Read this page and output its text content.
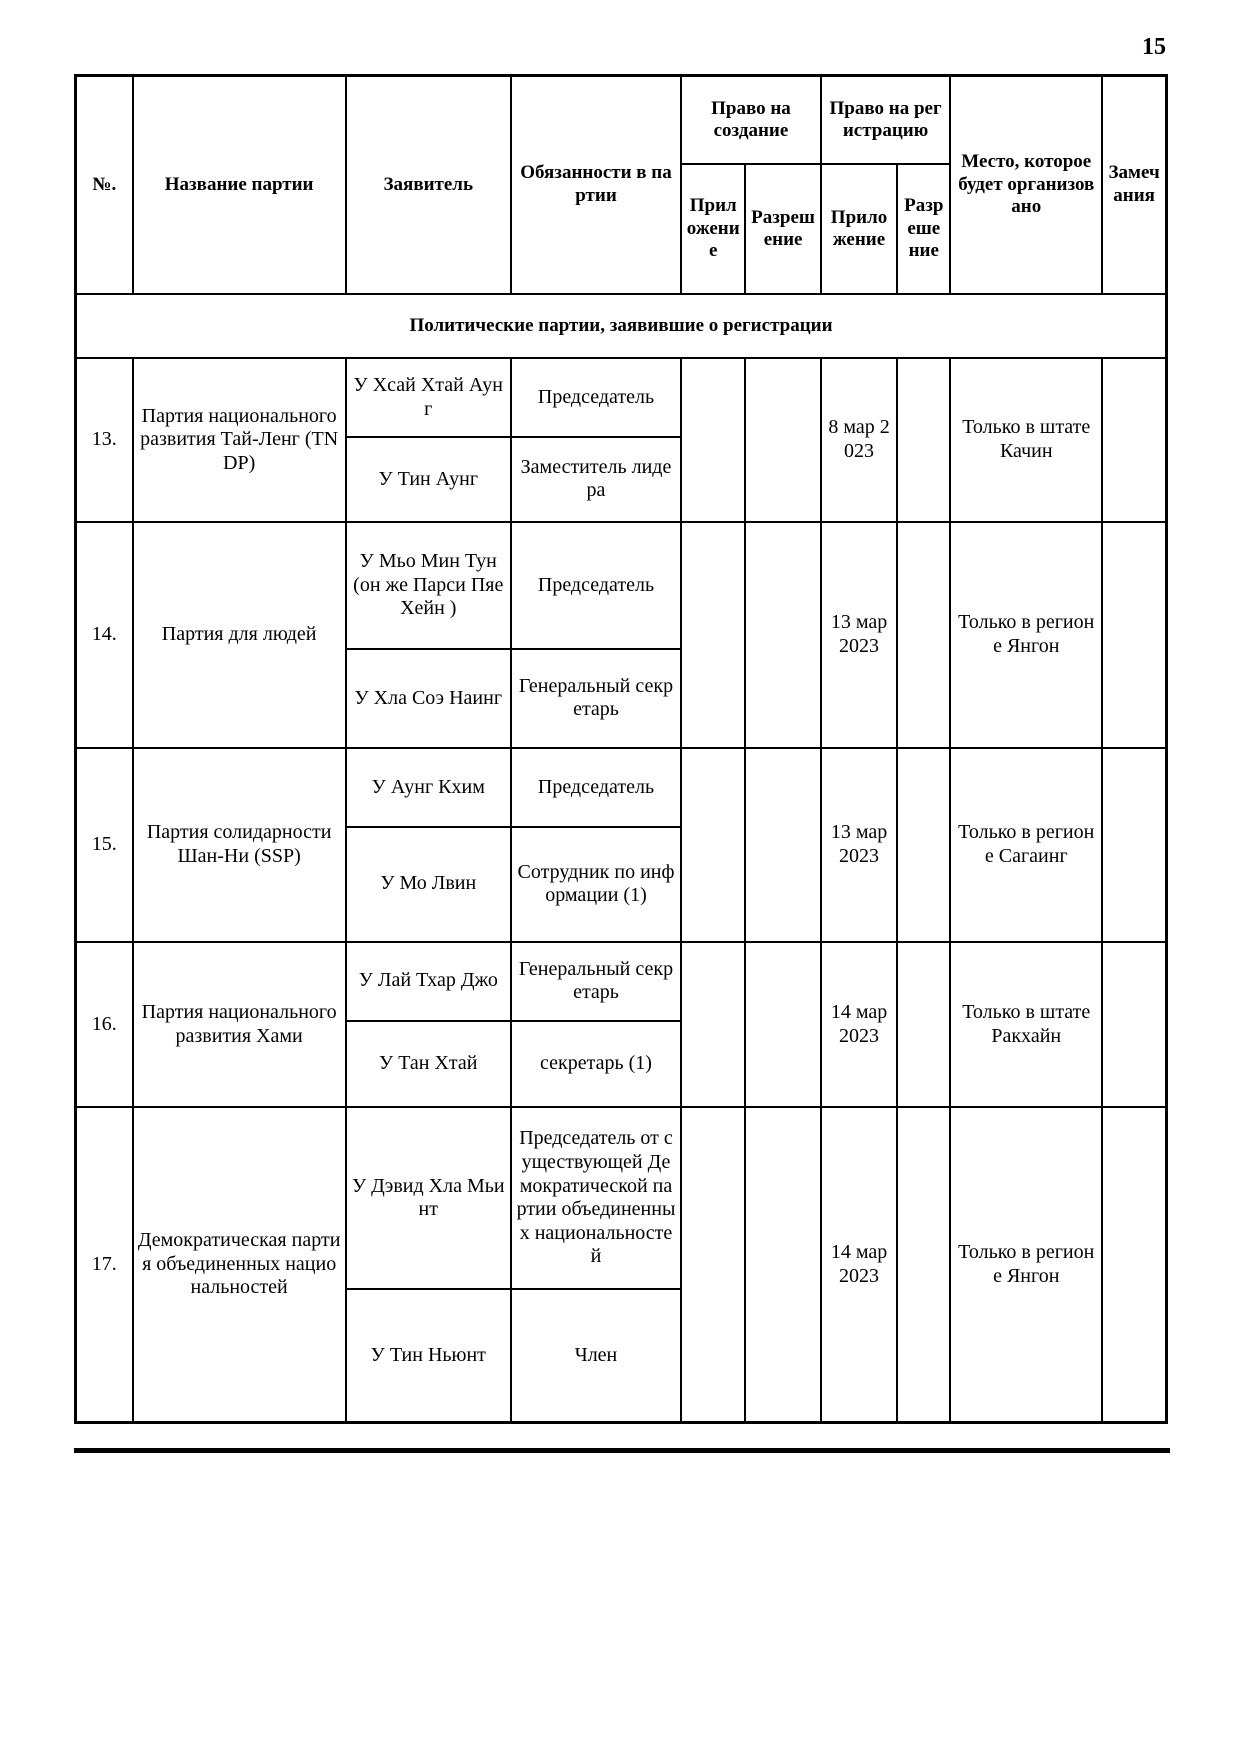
15
№.	Название партии	Заявитель	Обязанности в партии	Право на создание		Право на регистрацию		Место, которое будет организовано	Замечания
				Приложение	Разрешение	Приложение	Разрешение		
Политические партии, заявившие о регистрации									
13.	Партия национального развития Тай-Ленг (TNDP)	У Хсай Хтай Аунг	Председатель			8 мар 2023		Только в штате Качин	
		У Тин Аунг	Заместитель лидера						
14.	Партия для людей	У Мьо Мин Тун (он же Парси Пяе Хейн )	Председатель			13 мар 2023		Только в регионе Янгон	
		У Хла Соэ Наинг	Генеральный секретарь						
15.	Партия солидарности Шан-Ни (SSP)	У Аунг Кхим	Председатель			13 мар 2023		Только в регионе Сагаинг	
		У Мо Лвин	Сотрудник по информации (1)						
16.	Партия национального развития Хами	У Лай Тхар Джо	Генеральный секретарь			14 мар 2023		Только в штате Ракхайн	
		У Тан Хтай	секретарь (1)						
17.	Демократическая партия объединенных национальностей	У Дэвид Хла Мьинт	Председатель от существующей Демократической партии объединенных национальностей			14 мар 2023		Только в регионе Янгон	
		У Тин Ньюнт	Член						
